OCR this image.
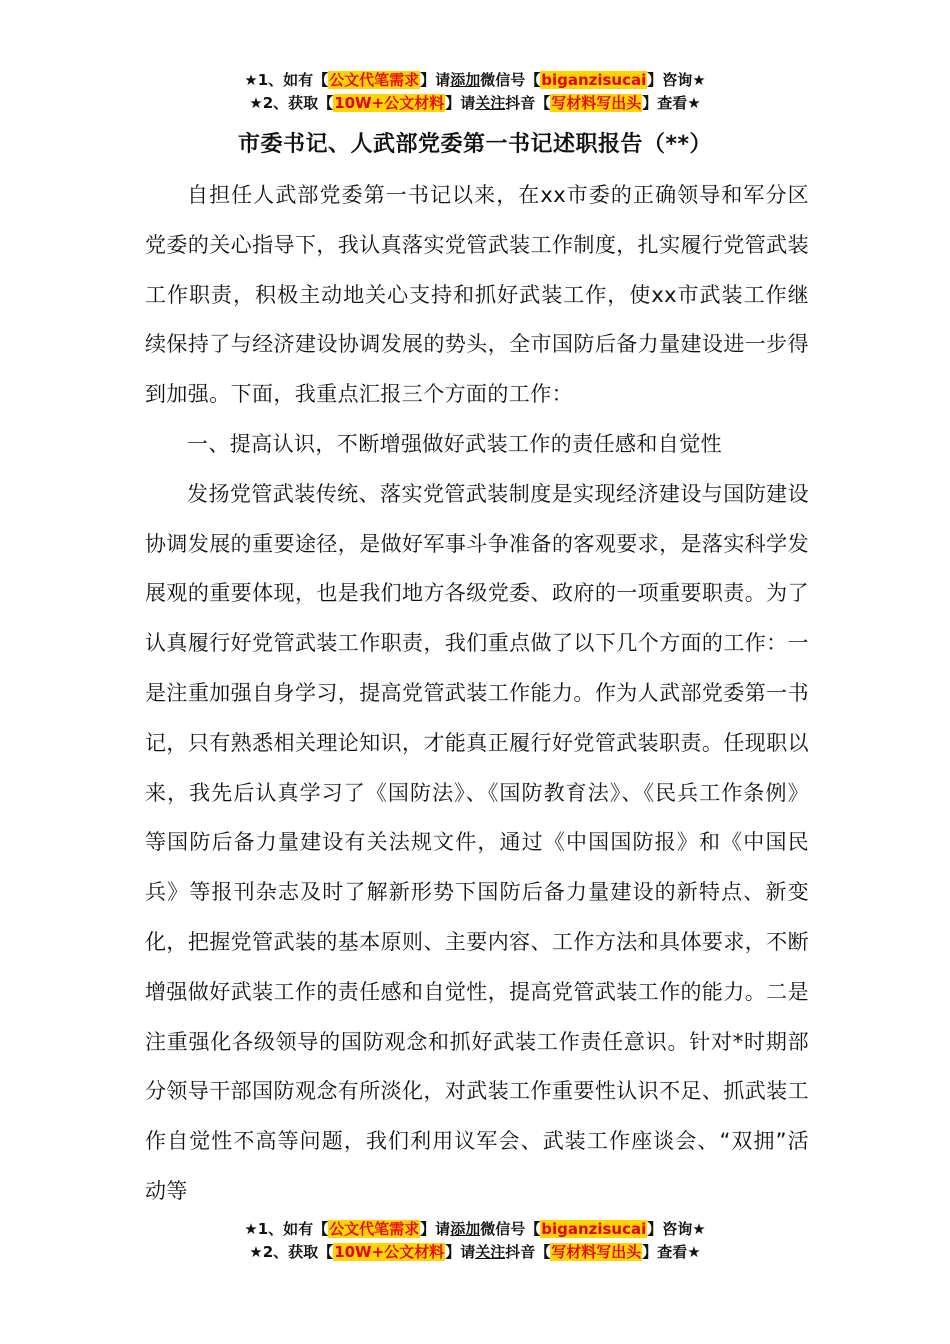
★1、如有【公文代笔需求】请添加微信号【biganzisucai】咨询★
★2、获取【10W+公文材料】请关注抖音【写材料写出头】查看★
市委书记、人武部党委第一书记述职报告（**）

自担任人武部党委第一书记以来，在xx市委的正确领导和军分区党委的关心指导下，我认真落实党管武装工作制度，扎实履行党管武装工作职责，积极主动地关心支持和抓好武装工作，使xx市武装工作继续保持了与经济建设协调发展的势头，全市国防后备力量建设进一步得到加强。下面，我重点汇报三个方面的工作：

一、提高认识，不断增强做好武装工作的责任感和自觉性

发扬党管武装传统、落实党管武装制度是实现经济建设与国防建设协调发展的重要途径，是做好军事斗争准备的客观要求，是落实科学发展观的重要体现，也是我们地方各级党委、政府的一项重要职责。为了认真履行好党管武装工作职责，我们重点做了以下几个方面的工作：一是注重加强自身学习，提高党管武装工作能力。作为人武部党委第一书记，只有熟悉相关理论知识，才能真正履行好党管武装职责。任现职以来，我先后认真学习了《国防法》、《国防教育法》、《民兵工作条例》等国防后备力量建设有关法规文件，通过《中国国防报》和《中国民兵》等报刊杂志及时了解新形势下国防后备力量建设的新特点、新变化，把握党管武装的基本原则、主要内容、工作方法和具体要求，不断增强做好武装工作的责任感和自觉性，提高党管武装工作的能力。二是注重强化各级领导的国防观念和抓好武装工作责任意识。针对*时期部分领导干部国防观念有所淡化，对武装工作重要性认识不足、抓武装工作自觉性不高等问题，我们利用议军会、武装工作座谈会、“双拥”活动等

★1、如有【公文代笔需求】请添加微信号【biganzisucai】咨询★
★2、获取【10W+公文材料】请关注抖音【写材料写出头】查看★
